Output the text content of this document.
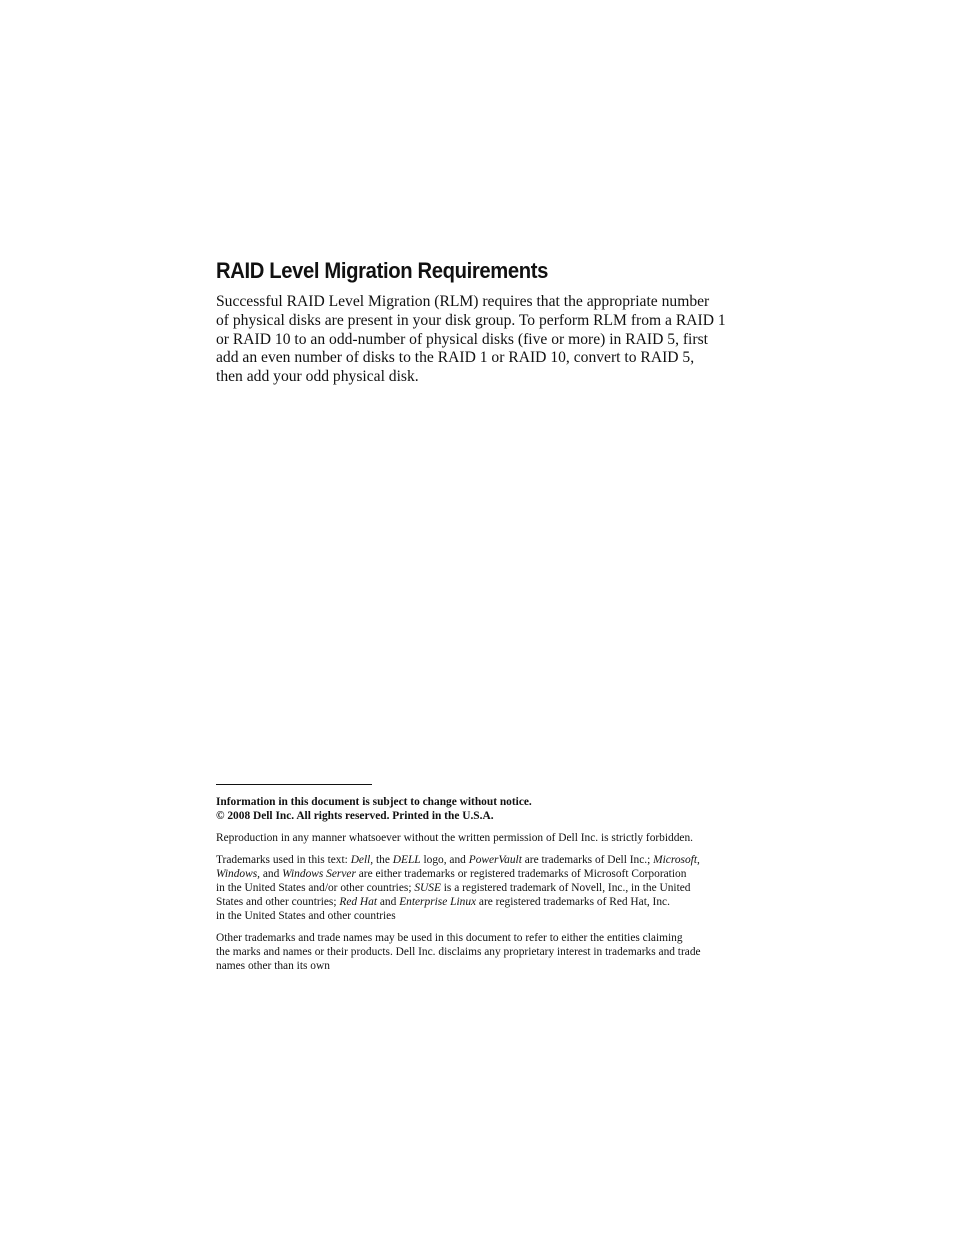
RAID Level Migration Requirements

Successful RAID Level Migration (RLM) requires that the appropriate number
of physical disks are present in your disk group. To perform RLM from a RAID 1
or RAID 10 to an odd-number of physical disks (five or more) in RAID 5, first
add an even number of disks to the RAID 1 or RAID 10, convert to RAID 5,
then add your odd physical disk.

Information in this document is subject to change without notice.
© 2008 Dell Inc. All rights reserved. Printed in the U.S.A.

Reproduction in any manner whatsoever without the written permission of Dell Inc. is strictly forbidden.

Trademarks used in this text: Dell, the DELL logo, and PowerVault are trademarks of Dell Inc.; Microsoft,
Windows, and Windows Server are either trademarks or registered trademarks of Microsoft Corporation
in the United States and/or other countries; SUSE is a registered trademark of Novell, Inc., in the United
States and other countries; Red Hat and Enterprise Linux are registered trademarks of Red Hat, Inc.
in the United States and other countries

Other trademarks and trade names may be used in this document to refer to either the entities claiming
the marks and names or their products. Dell Inc. disclaims any proprietary interest in trademarks and trade
names other than its own
